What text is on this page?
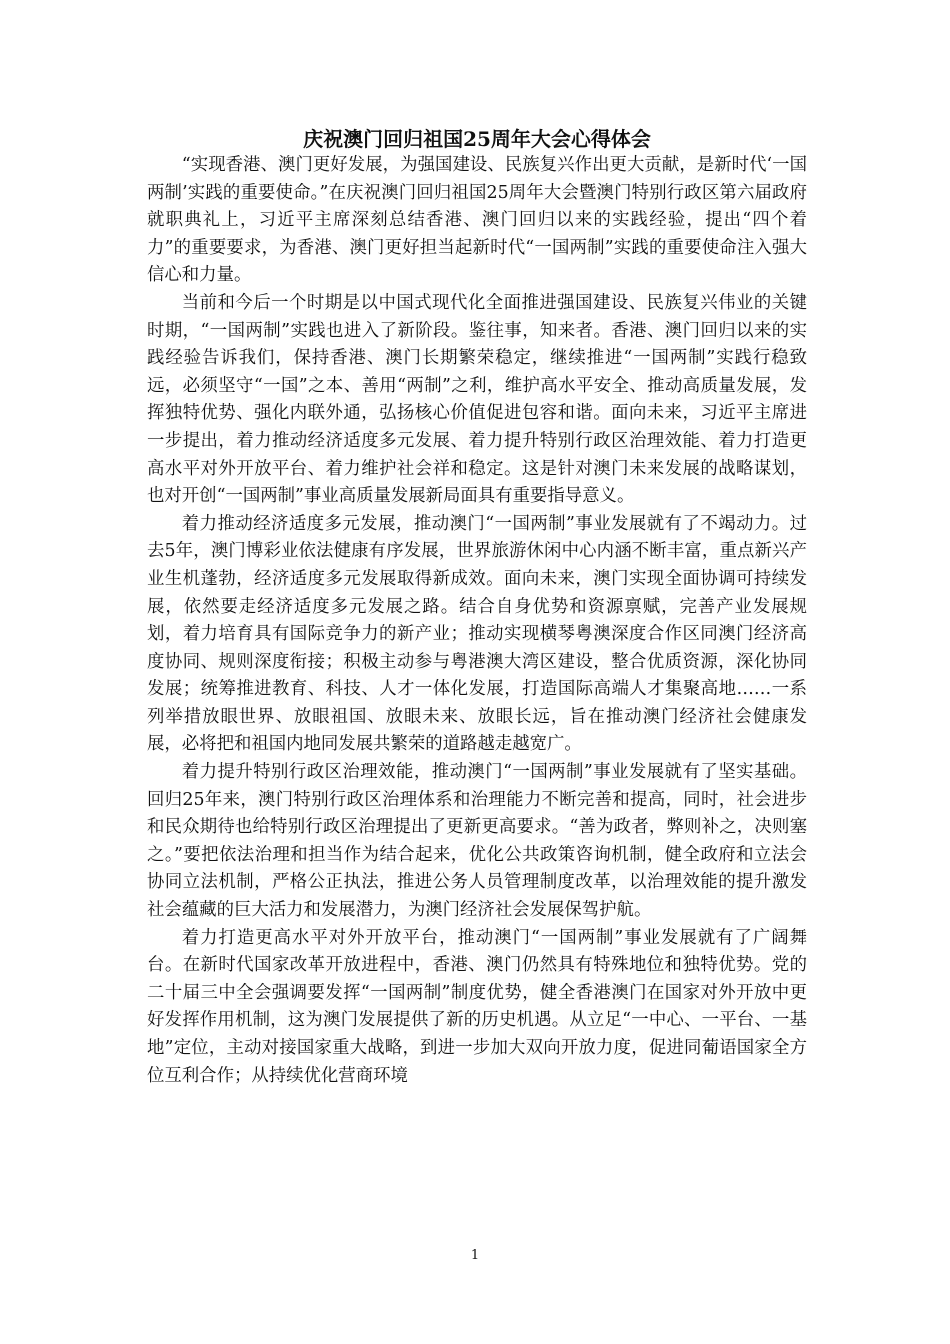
庆祝澳门回归祖国25周年大会心得体会

“实现香港、澳门更好发展，为强国建设、民族复兴作出更大贡献，是新时代‘一国两制’实践的重要使命。”在庆祝澳门回归祖国25周年大会暨澳门特别行政区第六届政府就职典礼上，习近平主席深刻总结香港、澳门回归以来的实践经验，提出“四个着力”的重要要求，为香港、澳门更好担当起新时代“一国两制”实践的重要使命注入强大信心和力量。

当前和今后一个时期是以中国式现代化全面推进强国建设、民族复兴伟业的关键时期，“一国两制”实践也进入了新阶段。鉴往事，知来者。香港、澳门回归以来的实践经验告诉我们，保持香港、澳门长期繁荣稳定，继续推进“一国两制”实践行稳致远，必须坚守“一国”之本、善用“两制”之利，维护高水平安全、推动高质量发展，发挥独特优势、强化内联外通，弘扬核心价值促进包容和谐。面向未来，习近平主席进一步提出，着力推动经济适度多元发展、着力提升特别行政区治理效能、着力打造更高水平对外开放平台、着力维护社会祥和稳定。这是针对澳门未来发展的战略谋划，也对开创“一国两制”事业高质量发展新局面具有重要指导意义。

着力推动经济适度多元发展，推动澳门“一国两制”事业发展就有了不竭动力。过去5年，澳门博彩业依法健康有序发展，世界旅游休闲中心内涵不断丰富，重点新兴产业生机蓬勃，经济适度多元发展取得新成效。面向未来，澳门实现全面协调可持续发展，依然要走经济适度多元发展之路。结合自身优势和资源禀赋，完善产业发展规划，着力培育具有国际竞争力的新产业；推动实现横琴粤澳深度合作区同澳门经济高度协同、规则深度衔接；积极主动参与粤港澳大湾区建设，整合优质资源，深化协同发展；统筹推进教育、科技、人才一体化发展，打造国际高端人才集聚高地……一系列举措放眼世界、放眼祖国、放眼未来、放眼长远，旨在推动澳门经济社会健康发展，必将把和祖国内地同发展共繁荣的道路越走越宽广。

着力提升特别行政区治理效能，推动澳门“一国两制”事业发展就有了坚实基础。回归25年来，澳门特别行政区治理体系和治理能力不断完善和提高，同时，社会进步和民众期待也给特别行政区治理提出了更新更高要求。“善为政者，弊则补之，决则塞之。”要把依法治理和担当作为结合起来，优化公共政策咨询机制，健全政府和立法会协同立法机制，严格公正执法，推进公务人员管理制度改革，以治理效能的提升激发社会蕴藏的巨大活力和发展潜力，为澳门经济社会发展保驾护航。

着力打造更高水平对外开放平台，推动澳门“一国两制”事业发展就有了广阔舞台。在新时代国家改革开放进程中，香港、澳门仍然具有特殊地位和独特优势。党的二十届三中全会强调要发挥“一国两制”制度优势，健全香港澳门在国家对外开放中更好发挥作用机制，这为澳门发展提供了新的历史机遇。从立足“一中心、一平台、一基地”定位，主动对接国家重大战略，到进一步加大双向开放力度，促进同葡语国家全方位互利合作；从持续优化营商环境

1
